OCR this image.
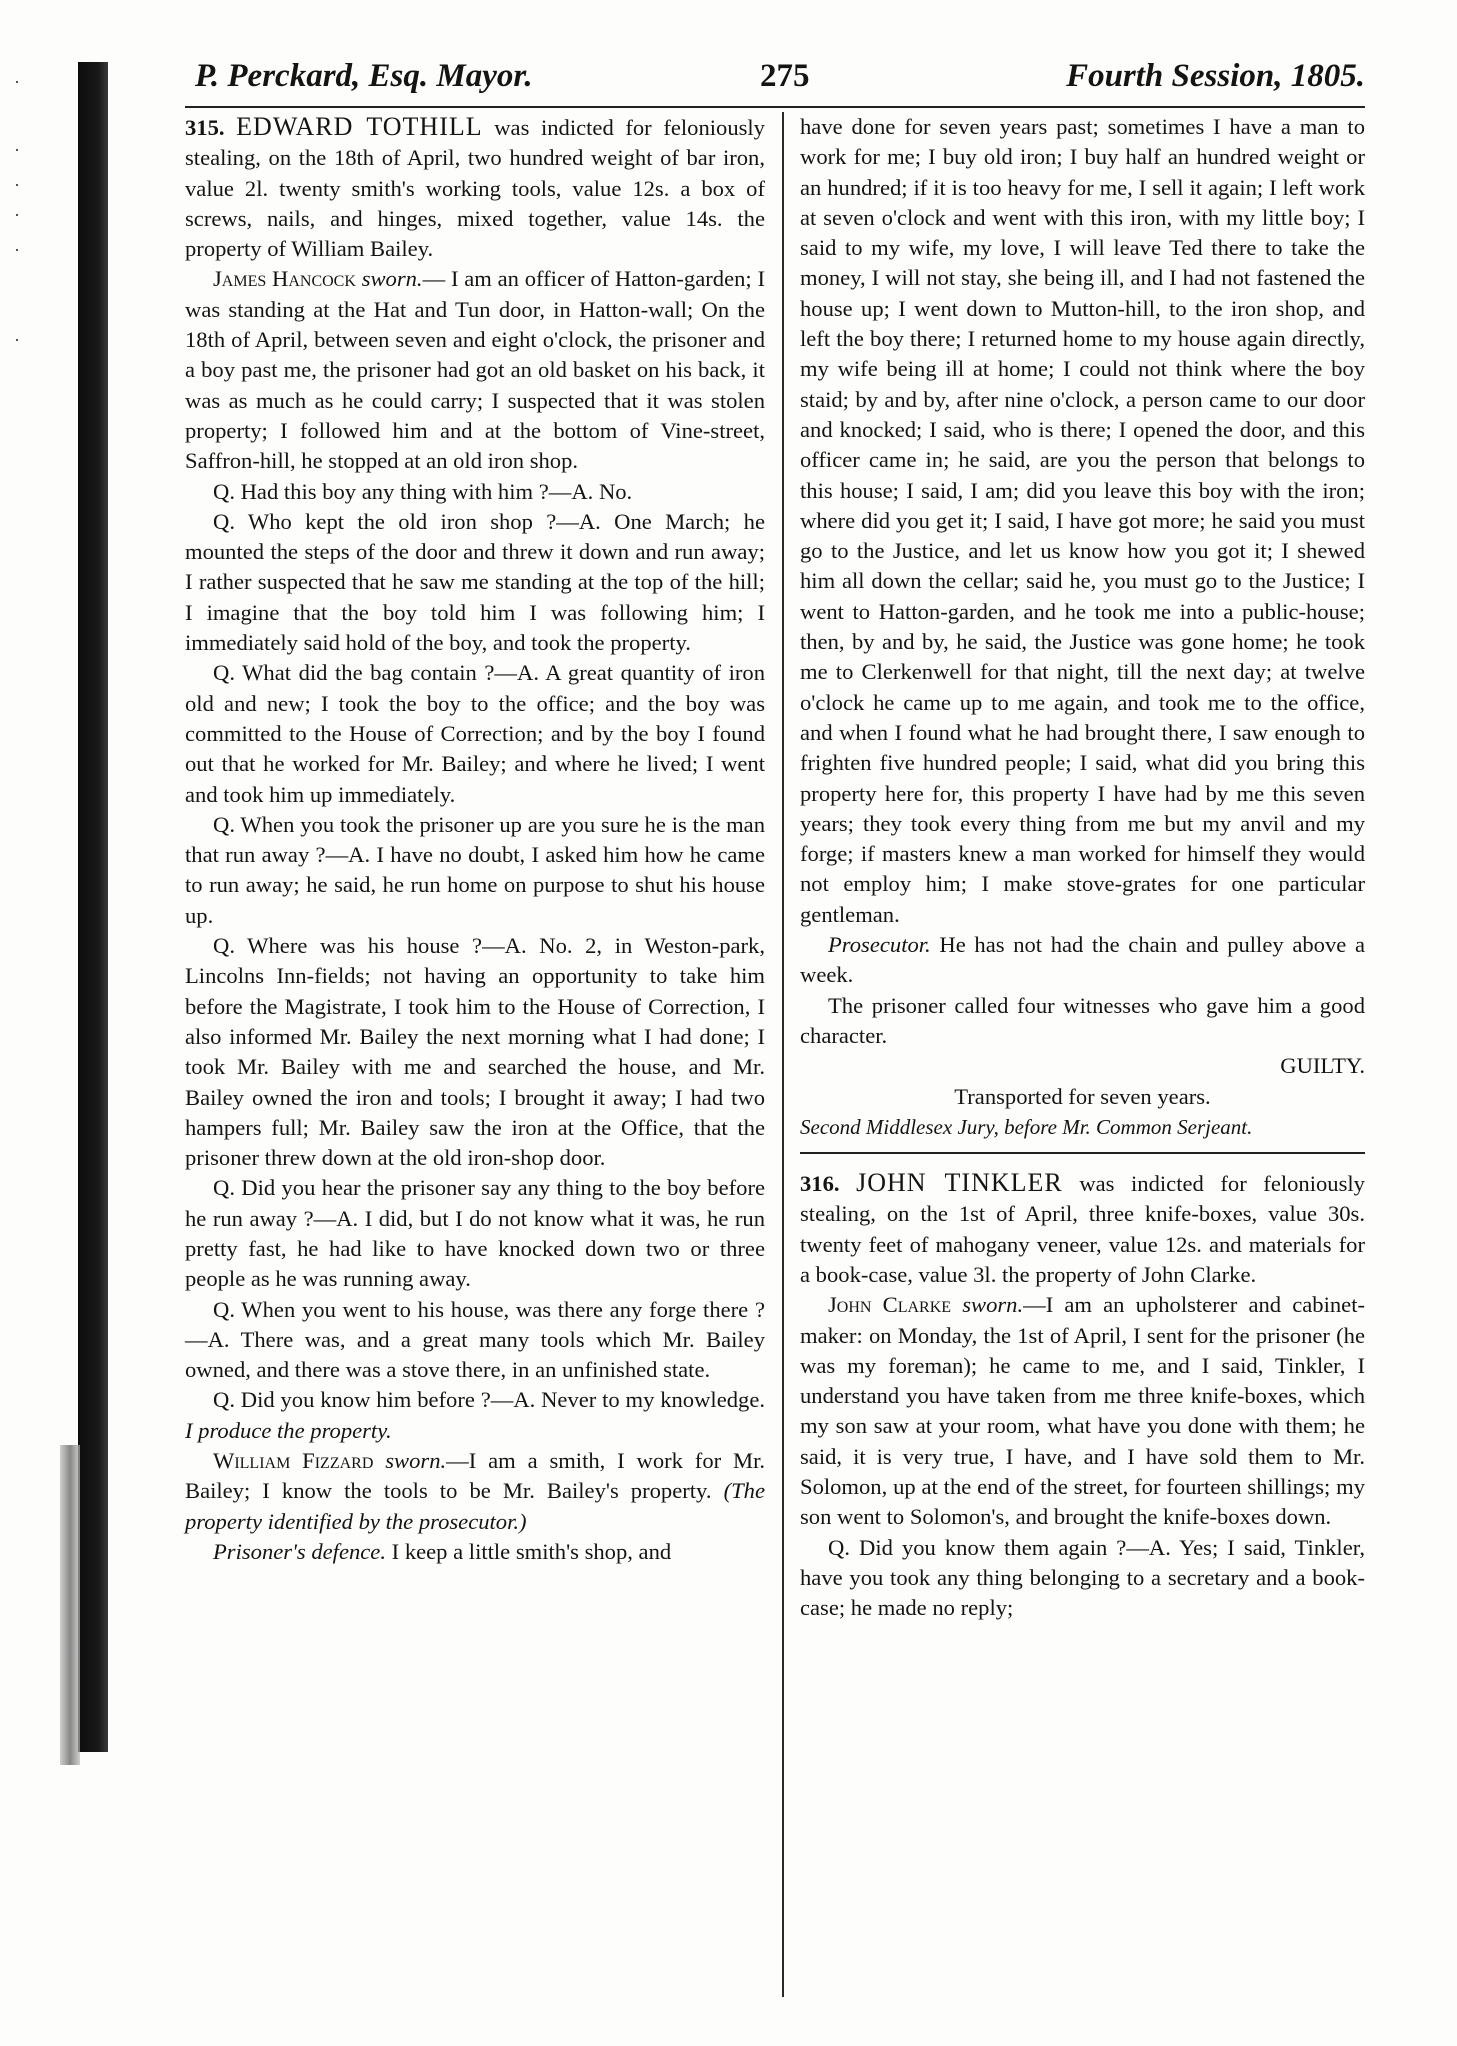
·
·
·
·
·
·
P. Perckard, Esq. Mayor.	275	Fourth Session, 1805.

315. EDWARD TOTHILL was indicted for feloniously stealing, on the 18th of April, two hundred weight of bar iron, value 2l. twenty smith's working tools, value 12s. a box of screws, nails, and hinges, mixed together, value 14s. the property of William Bailey.

James Hancock sworn.— I am an officer of Hatton-garden; I was standing at the Hat and Tun door, in Hatton-wall; On the 18th of April, between seven and eight o'clock, the prisoner and a boy past me, the prisoner had got an old basket on his back, it was as much as he could carry; I suspected that it was stolen property; I followed him and at the bottom of Vine-street, Saffron-hill, he stopped at an old iron shop.

Q. Had this boy any thing with him ?—A. No.

Q. Who kept the old iron shop ?—A. One March; he mounted the steps of the door and threw it down and run away; I rather suspected that he saw me standing at the top of the hill; I imagine that the boy told him I was following him; I immediately said hold of the boy, and took the property.

Q. What did the bag contain ?—A. A great quantity of iron old and new; I took the boy to the office; and the boy was committed to the House of Correction; and by the boy I found out that he worked for Mr. Bailey; and where he lived; I went and took him up immediately.

Q. When you took the prisoner up are you sure he is the man that run away ?—A. I have no doubt, I asked him how he came to run away; he said, he run home on purpose to shut his house up.

Q. Where was his house ?—A. No. 2, in Weston-park, Lincolns Inn-fields; not having an opportunity to take him before the Magistrate, I took him to the House of Correction, I also informed Mr. Bailey the next morning what I had done; I took Mr. Bailey with me and searched the house, and Mr. Bailey owned the iron and tools; I brought it away; I had two hampers full; Mr. Bailey saw the iron at the Office, that the prisoner threw down at the old iron-shop door.

Q. Did you hear the prisoner say any thing to the boy before he run away ?—A. I did, but I do not know what it was, he run pretty fast, he had like to have knocked down two or three people as he was running away.

Q. When you went to his house, was there any forge there ?—A. There was, and a great many tools which Mr. Bailey owned, and there was a stove there, in an unfinished state.

Q. Did you know him before ?—A. Never to my knowledge. I produce the property.

William Fizzard sworn.—I am a smith, I work for Mr. Bailey; I know the tools to be Mr. Bailey's property. (The property identified by the prosecutor.)

Prisoner's defence. I keep a little smith's shop, and

have done for seven years past; sometimes I have a man to work for me; I buy old iron; I buy half an hundred weight or an hundred; if it is too heavy for me, I sell it again; I left work at seven o'clock and went with this iron, with my little boy; I said to my wife, my love, I will leave Ted there to take the money, I will not stay, she being ill, and I had not fastened the house up; I went down to Mutton-hill, to the iron shop, and left the boy there; I returned home to my house again directly, my wife being ill at home; I could not think where the boy staid; by and by, after nine o'clock, a person came to our door and knocked; I said, who is there; I opened the door, and this officer came in; he said, are you the person that belongs to this house; I said, I am; did you leave this boy with the iron; where did you get it; I said, I have got more; he said you must go to the Justice, and let us know how you got it; I shewed him all down the cellar; said he, you must go to the Justice; I went to Hatton-garden, and he took me into a public-house; then, by and by, he said, the Justice was gone home; he took me to Clerkenwell for that night, till the next day; at twelve o'clock he came up to me again, and took me to the office, and when I found what he had brought there, I saw enough to frighten five hundred people; I said, what did you bring this property here for, this property I have had by me this seven years; they took every thing from me but my anvil and my forge; if masters knew a man worked for himself they would not employ him; I make stove-grates for one particular gentleman.

Prosecutor. He has not had the chain and pulley above a week.

The prisoner called four witnesses who gave him a good character.
GUILTY.

Transported for seven years.

Second Middlesex Jury, before Mr. Common Serjeant.

316. JOHN TINKLER was indicted for feloniously stealing, on the 1st of April, three knife-boxes, value 30s. twenty feet of mahogany veneer, value 12s. and materials for a book-case, value 3l. the property of John Clarke.

John Clarke sworn.—I am an upholsterer and cabinet-maker: on Monday, the 1st of April, I sent for the prisoner (he was my foreman); he came to me, and I said, Tinkler, I understand you have taken from me three knife-boxes, which my son saw at your room, what have you done with them; he said, it is very true, I have, and I have sold them to Mr. Solomon, up at the end of the street, for fourteen shillings; my son went to Solomon's, and brought the knife-boxes down.

Q. Did you know them again ?—A. Yes; I said, Tinkler, have you took any thing belonging to a secretary and a book-case; he made no reply;
